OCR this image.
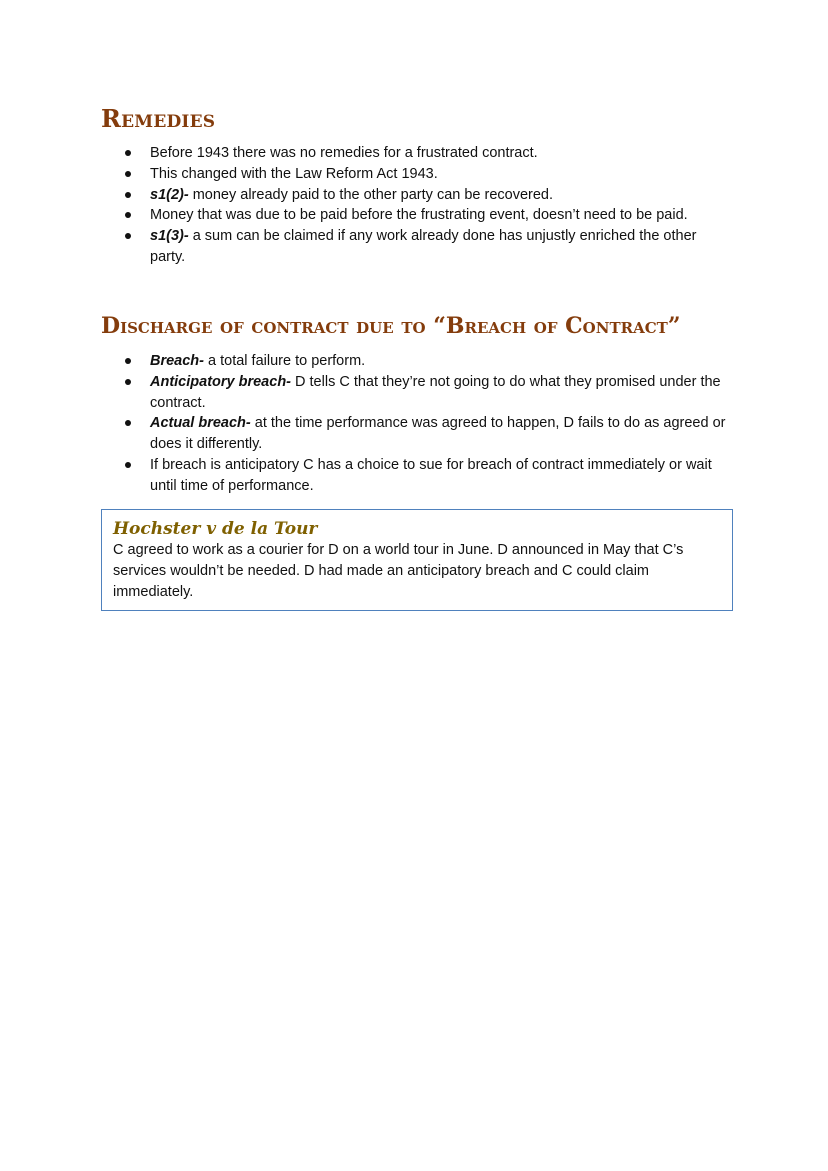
Remedies
Before 1943 there was no remedies for a frustrated contract.
This changed with the Law Reform Act 1943.
s1(2)- money already paid to the other party can be recovered.
Money that was due to be paid before the frustrating event, doesn’t need to be paid.
s1(3)- a sum can be claimed if any work already done has unjustly enriched the other party.
Discharge of contract due to “Breach of Contract”
Breach- a total failure to perform.
Anticipatory breach- D tells C that they’re not going to do what they promised under the contract.
Actual breach- at the time performance was agreed to happen, D fails to do as agreed or does it differently.
If breach is anticipatory C has a choice to sue for breach of contract immediately or wait until time of performance.

Hochster v de la Tour

C agreed to work as a courier for D on a world tour in June. D announced in May that C’s services wouldn’t be needed. D had made an anticipatory breach and C could claim immediately.
